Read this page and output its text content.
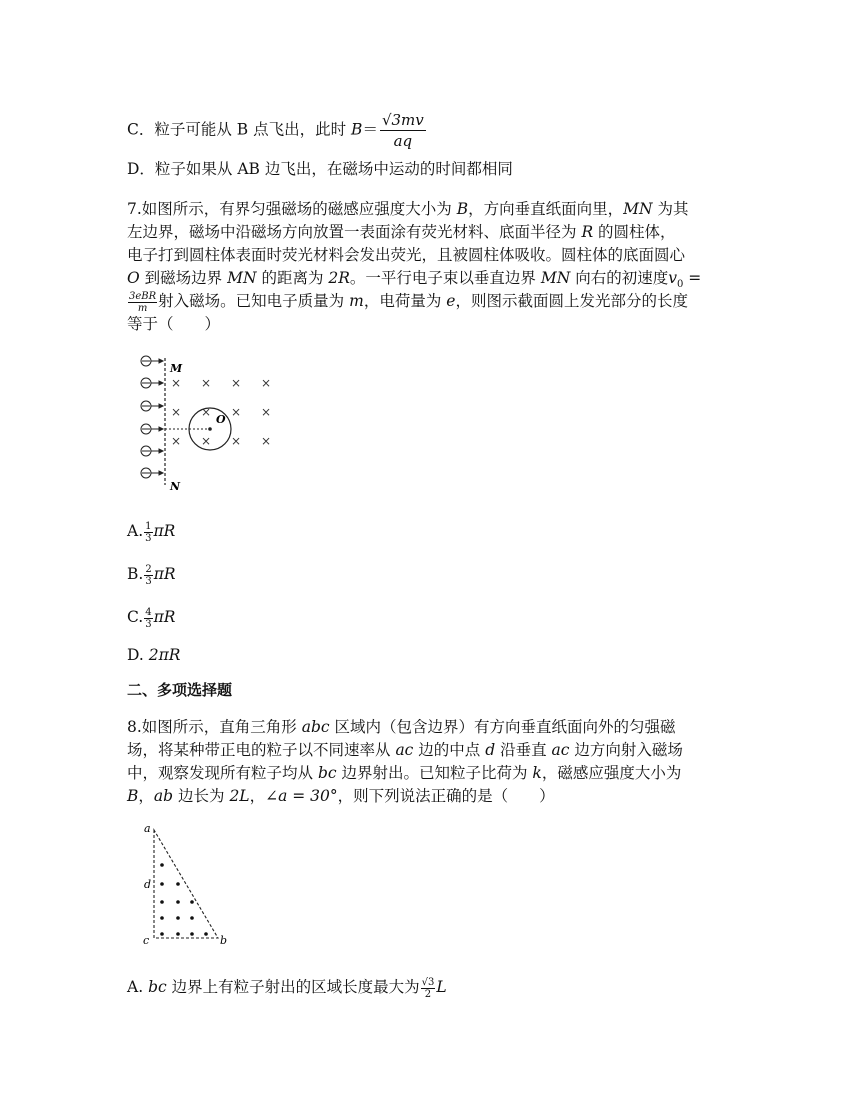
C．粒子可能从 B 点飞出，此时 $B= \frac{√3mv}{aq}$
D．粒子如果从 AB 边飞出，在磁场中运动的时间都相同
7.如图所示，有界匀强磁场的磁感应强度大小为 B，方向垂直纸面向里，MN 为其
左边界，磁场中沿磁场方向放置一表面涂有荧光材料、底面半径为 R 的圆柱体，
电子打到圆柱体表面时荧光材料会发出荧光，且被圆柱体吸收。圆柱体的底面圆心
O 到磁场边界 MN 的距离为 2R。一平行电子束以垂直边界 MN 向右的初速度$v_0$ =
$\frac{\text{3eBR}}{m}$ 射入磁场。已知电子质量为 m，电荷量为 e，则图示截面圆上发光部分的长度
等于（　　）
M
N
× × × ×
× × × ×
× × × ×
O
A. $\frac{1}{3}$ πR
B. $\frac{2}{3}$ πR
C. $\frac{4}{3}$ πR
D. 2πR
二、多项选择题
8.如图所示，直角三角形 abc 区域内（包含边界）有方向垂直纸面向外的匀强磁
场，将某种带正电的粒子以不同速率从 ac 边的中点 d 沿垂直 ac 边方向射入磁场
中，观察发现所有粒子均从 bc 边界射出。已知粒子比荷为 k，磁感应强度大小为
B，ab 边长为 2L，∠a = 30°，则下列说法正确的是（　　）
a
d
c	b
A. bc 边界上有粒子射出的区域长度最大为 $\frac{√3}{2}$ L
